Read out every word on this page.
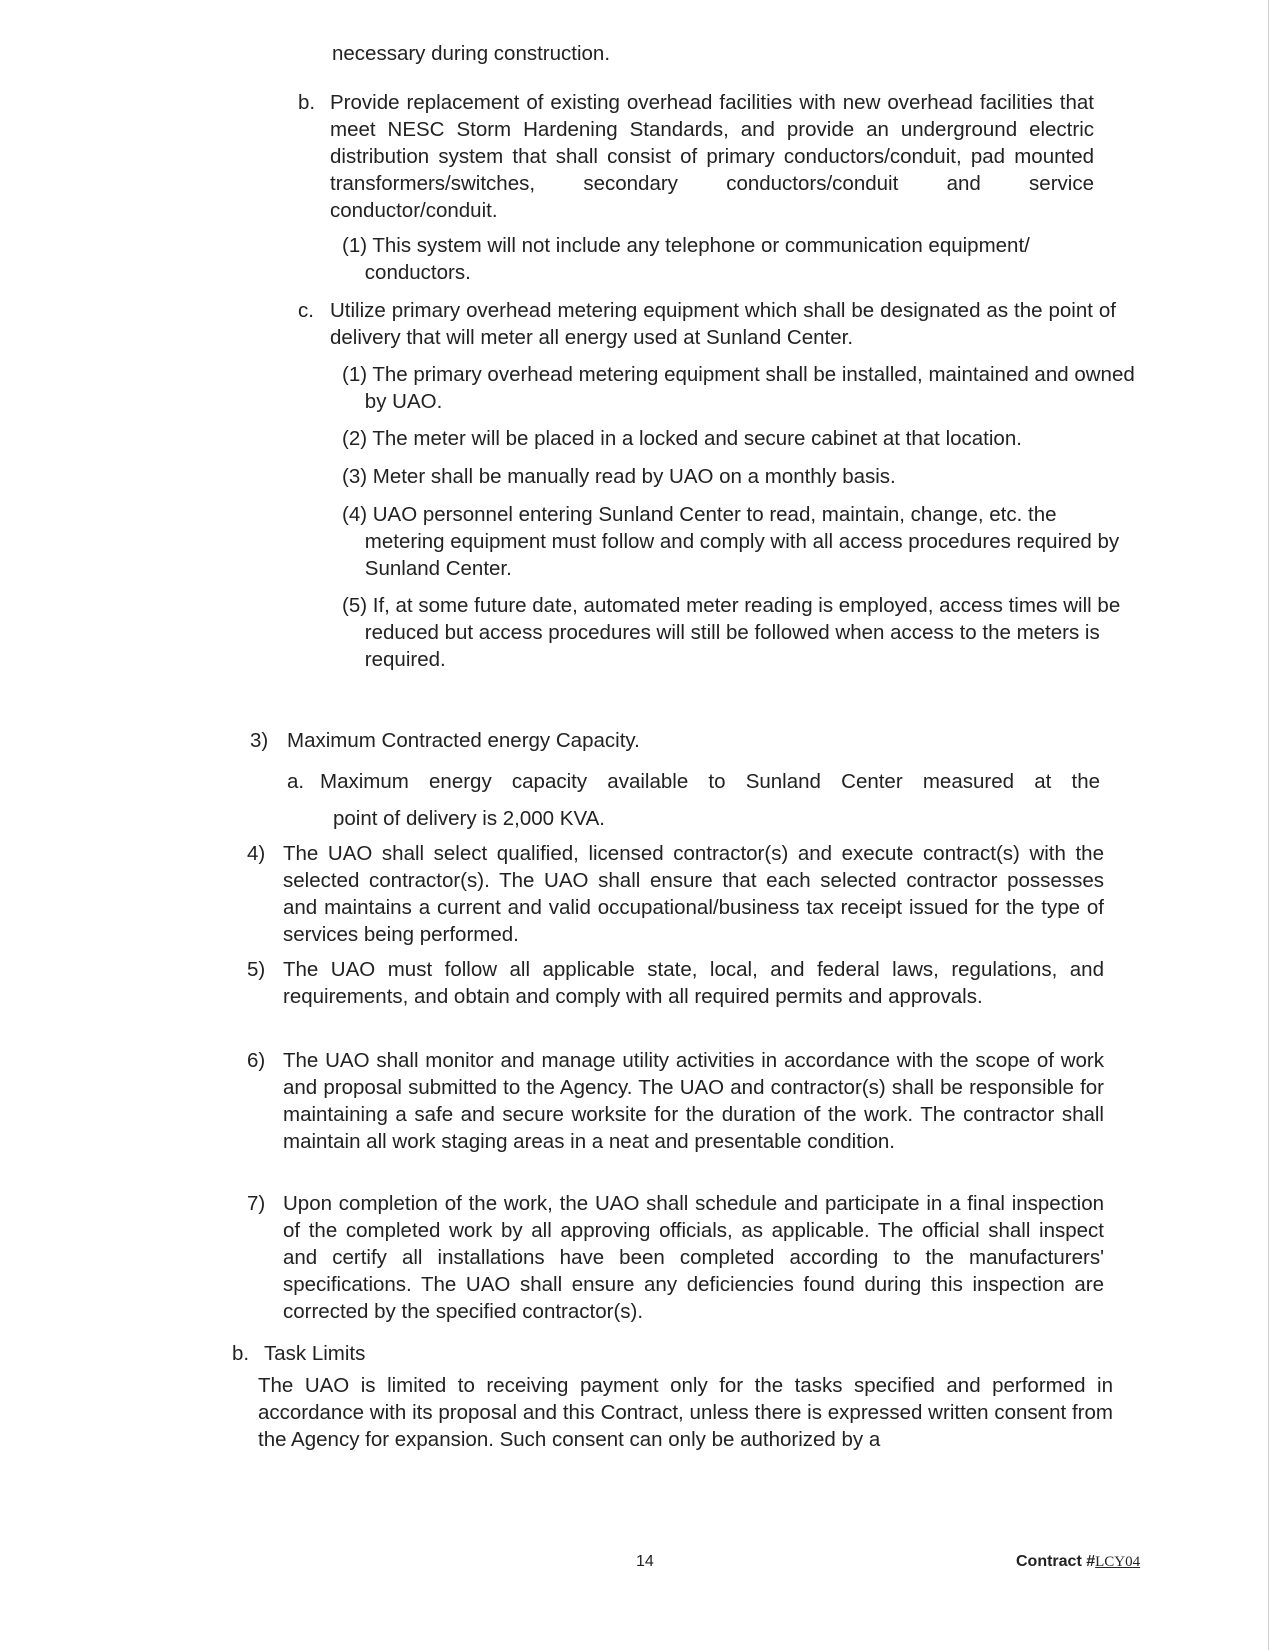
necessary during construction.
b. Provide replacement of existing overhead facilities with new overhead facilities that meet NESC Storm Hardening Standards, and provide an underground electric distribution system that shall consist of primary conductors/conduit, pad mounted transformers/switches, secondary conductors/conduit and service conductor/conduit.
(1) This system will not include any telephone or communication equipment/ conductors.
c. Utilize primary overhead metering equipment which shall be designated as the point of delivery that will meter all energy used at Sunland Center.
(1) The primary overhead metering equipment shall be installed, maintained and owned by UAO.
(2) The meter will be placed in a locked and secure cabinet at that location.
(3) Meter shall be manually read by UAO on a monthly basis.
(4) UAO personnel entering Sunland Center to read, maintain, change, etc. the metering equipment must follow and comply with all access procedures required by Sunland Center.
(5) If, at some future date, automated meter reading is employed, access times will be reduced but access procedures will still be followed when access to the meters is required.
3) Maximum Contracted energy Capacity.
a. Maximum energy capacity available to Sunland Center measured at the
point of delivery is 2,000 KVA.
4) The UAO shall select qualified, licensed contractor(s) and execute contract(s) with the selected contractor(s). The UAO shall ensure that each selected contractor possesses and maintains a current and valid occupational/business tax receipt issued for the type of services being performed.
5) The UAO must follow all applicable state, local, and federal laws, regulations, and requirements, and obtain and comply with all required permits and approvals.
6) The UAO shall monitor and manage utility activities in accordance with the scope of work and proposal submitted to the Agency. The UAO and contractor(s) shall be responsible for maintaining a safe and secure worksite for the duration of the work. The contractor shall maintain all work staging areas in a neat and presentable condition.
7) Upon completion of the work, the UAO shall schedule and participate in a final inspection of the completed work by all approving officials, as applicable. The official shall inspect and certify all installations have been completed according to the manufacturers' specifications. The UAO shall ensure any deficiencies found during this inspection are corrected by the specified contractor(s).
b. Task Limits
The UAO is limited to receiving payment only for the tasks specified and performed in accordance with its proposal and this Contract, unless there is expressed written consent from the Agency for expansion. Such consent can only be authorized by a
14	Contract #LCY04
